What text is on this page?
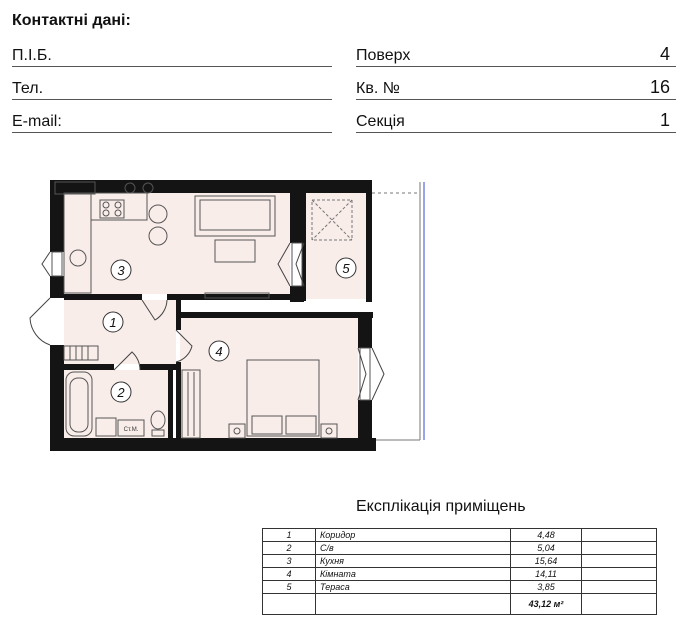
Контактні дані:
П.І.Б.
Тел.
E-mail:
Поверх	4
Кв. №	16
Секція	1
Ст.М.
3
1
2
4
5
Експлікація приміщень
1	Коридор	4,48	
2	С/в	5,04	
3	Кухня	15,64	
4	Кімната	14,11	
5	Тераса	3,85	
		43,12 м²	
